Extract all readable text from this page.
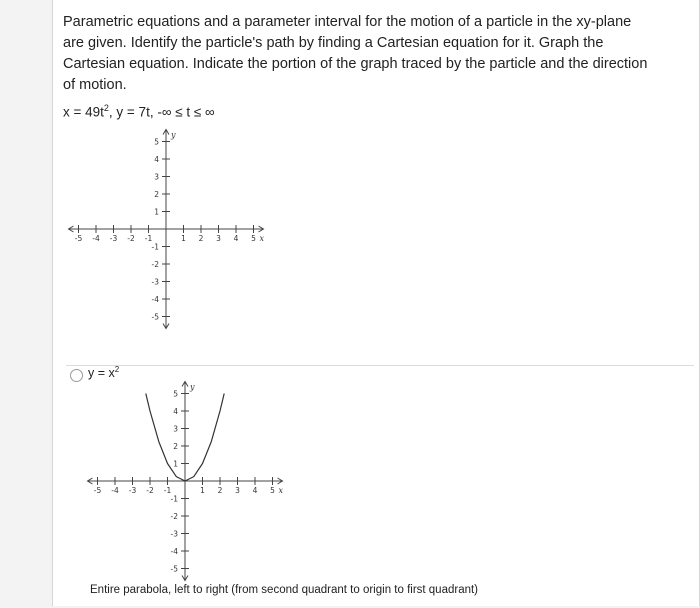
Parametric equations and a parameter interval for the motion of a particle in the xy-plane are given. Identify the particle's path by finding a Cartesian equation for it. Graph the Cartesian equation. Indicate the portion of the graph traced by the particle and the direction of motion.
$x = 49t^2$, y = 7t, -∞ ≤ t ≤ ∞
-5 -4 -3 -2 -1	1 2 3 4 5
5
4
3
2
1
-1
-2
-3
-4
-5
x
y
$y = x^2$
-5 -4 -3 -2 -1	1 2 3 4 5
5
4
3
2
1
-1
-2
-3
-4
-5
x
y
Entire parabola, left to right (from second quadrant to origin to first quadrant)
